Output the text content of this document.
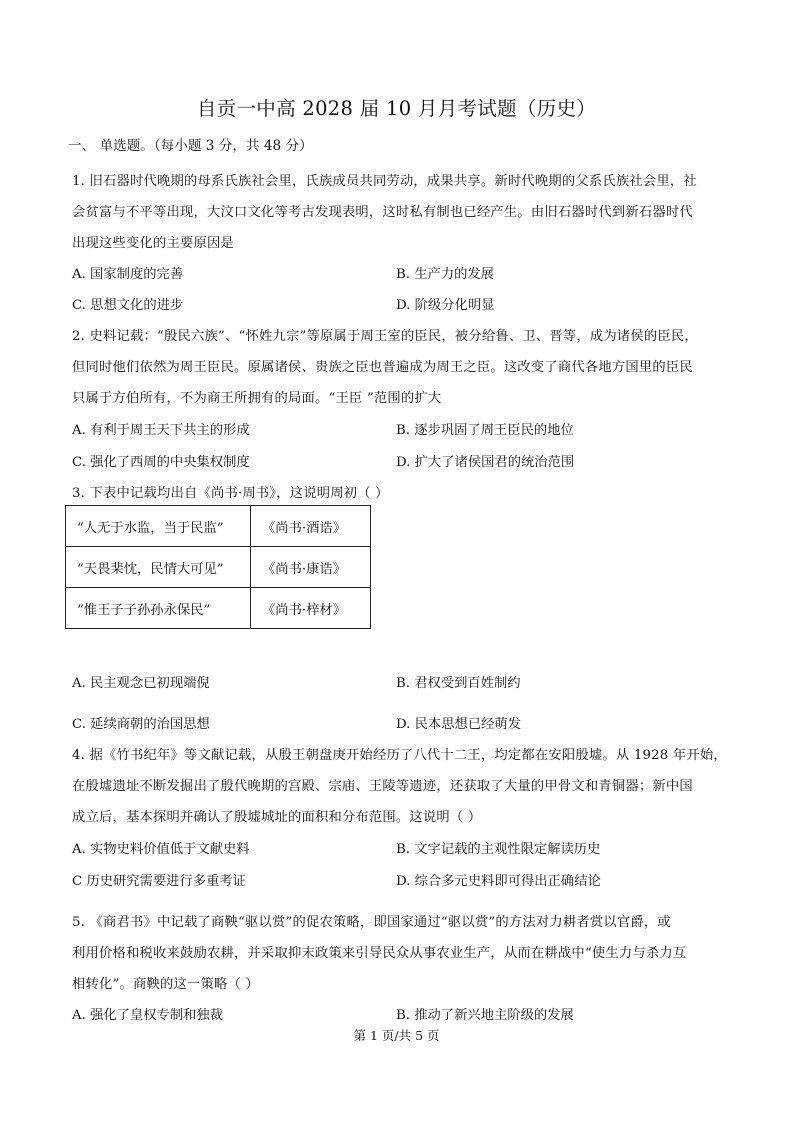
自贡一中高 2028 届 10 月月考试题（历史）
一、 单选题。（每小题 3 分，共 48 分）
1. 旧石器时代晚期的母系氏族社会里，氏族成员共同劳动，成果共享。新时代晚期的父系氏族社会里，社
会贫富与不平等出现，大汶口文化等考古发现表明，这时私有制也已经产生。由旧石器时代到新石器时代
出现这些变化的主要原因是
A. 国家制度的完善	B. 生产力的发展
C. 思想文化的进步	D. 阶级分化明显
2. 史料记载：“殷民六族”、“怀姓九宗”等原属于周王室的臣民，被分给鲁、卫、晋等，成为诸侯的臣民，
但同时他们依然为周王臣民。原属诸侯、贵族之臣也普遍成为周王之臣。这改变了商代各地方国里的臣民
只属于方伯所有，不为商王所拥有的局面。“王臣 ”范围的扩大
A. 有利于周王天下共主的形成	B. 逐步巩固了周王臣民的地位
C. 强化了西周的中央集权制度	D. 扩大了诸侯国君的统治范围
3. 下表中记载均出自《尚书·周书》，这说明周初（ ）
“人无于水监，当于民监”	《尚书·酒诰》
“天畏棐忱，民情大可见”	《尚书·康诰》
“惟王子子孙孙永保民”	《尚书·梓材》
A. 民主观念已初现端倪	B. 君权受到百姓制约
C. 延续商朝的治国思想	D. 民本思想已经萌发
4. 据《竹书纪年》等文献记载，从殷王朝盘庚开始经历了八代十二王，均定都在安阳殷墟。从 1928 年开始，
在殷墟遗址不断发掘出了殷代晚期的宫殿、宗庙、王陵等遗迹，还获取了大量的甲骨文和青铜器；新中国
成立后，基本探明并确认了殷墟城址的面积和分布范围。这说明（ ）
A. 实物史料价值低于文献史料	B. 文字记载的主观性限定解读历史
C 历史研究需要进行多重考证	D. 综合多元史料即可得出正确结论
5. 《商君书》中记载了商鞅“驱以赏”的促农策略，即国家通过“驱以赏”的方法对力耕者赏以官爵，或
利用价格和税收来鼓励农耕，并采取抑末政策来引导民众从事农业生产，从而在耕战中“使生力与杀力互
相转化”。商鞅的这一策略（ ）
A. 强化了皇权专制和独裁	B. 推动了新兴地主阶级的发展
第 1 页/共 5 页
